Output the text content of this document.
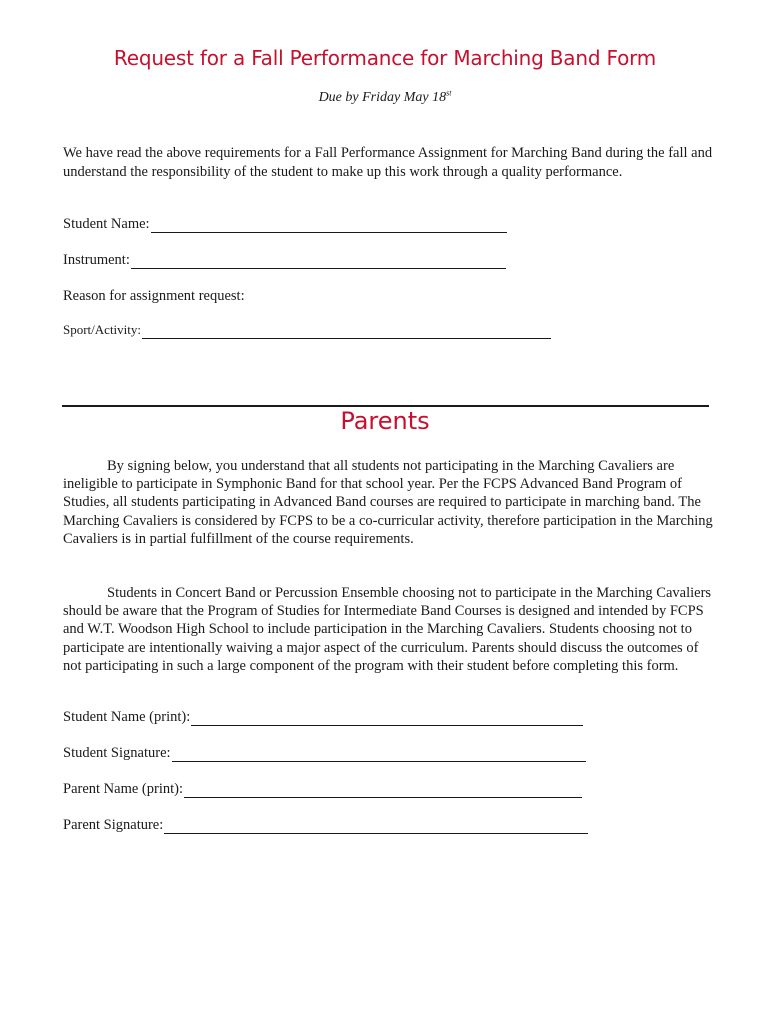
Request for a Fall Performance for Marching Band Form
Due by Friday May 18st

We have read the above requirements for a Fall Performance Assignment for Marching Band during the fall and understand the responsibility of the student to make up this work through a quality performance.

Student Name:
Instrument:
Reason for assignment request:
Sport/Activity:
Parents

By signing below, you understand that all students not participating in the Marching Cavaliers are ineligible to participate in Symphonic Band for that school year. Per the FCPS Advanced Band Program of Studies, all students participating in Advanced Band courses are required to participate in marching band. The Marching Cavaliers is considered by FCPS to be a co-curricular activity, therefore participation in the Marching Cavaliers is in partial fulfillment of the course requirements.

Students in Concert Band or Percussion Ensemble choosing not to participate in the Marching Cavaliers should be aware that the Program of Studies for Intermediate Band Courses is designed and intended by FCPS and W.T. Woodson High School to include participation in the Marching Cavaliers. Students choosing not to participate are intentionally waiving a major aspect of the curriculum. Parents should discuss the outcomes of not participating in such a large component of the program with their student before completing this form.

Student Name (print):
Student Signature:
Parent Name (print):
Parent Signature:
